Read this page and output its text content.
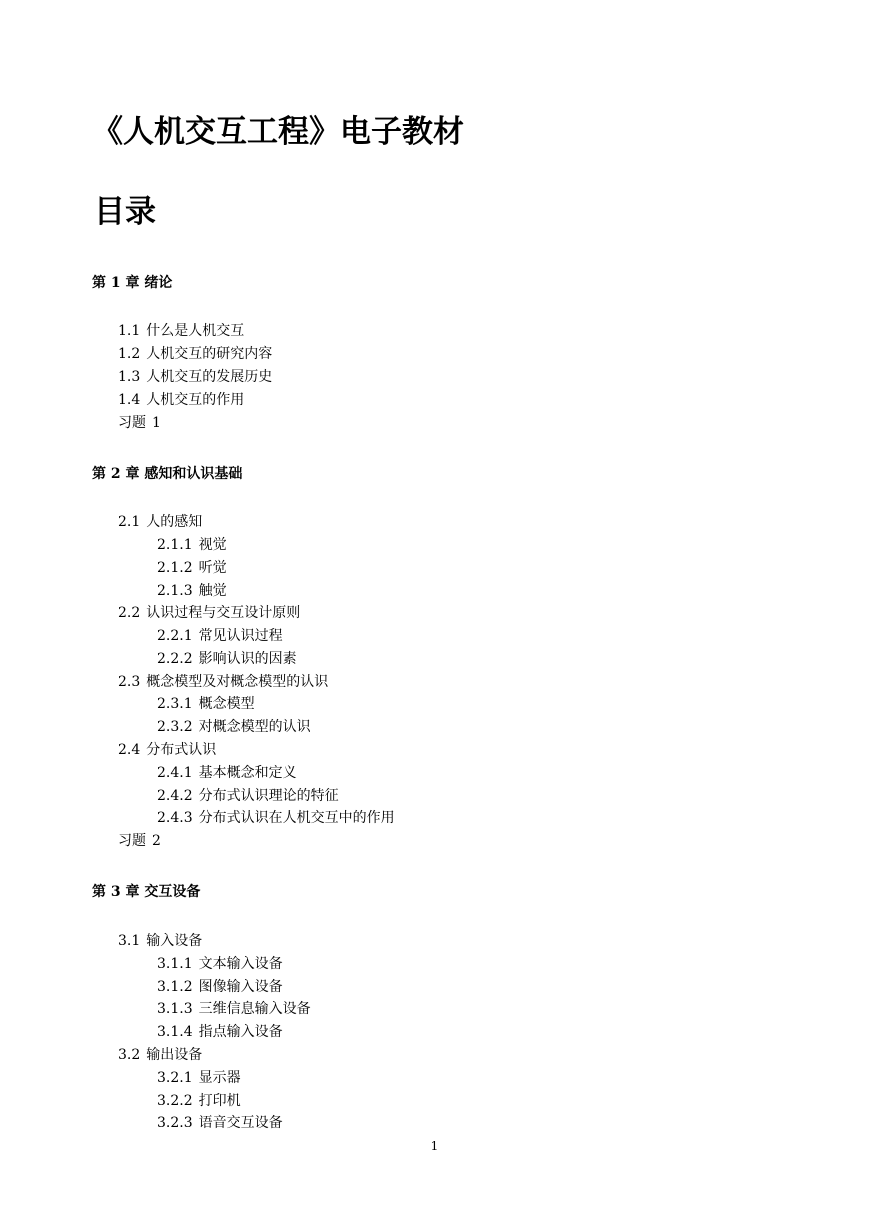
《人机交互工程》电子教材
目录
第 1 章 绪论
1.1 什么是人机交互
1.2 人机交互的研究内容
1.3 人机交互的发展历史
1.4 人机交互的作用
习题 1
第 2 章 感知和认识基础
2.1 人的感知
2.1.1 视觉
2.1.2 听觉
2.1.3 触觉
2.2 认识过程与交互设计原则
2.2.1 常见认识过程
2.2.2 影响认识的因素
2.3 概念模型及对概念模型的认识
2.3.1 概念模型
2.3.2 对概念模型的认识
2.4 分布式认识
2.4.1 基本概念和定义
2.4.2 分布式认识理论的特征
2.4.3 分布式认识在人机交互中的作用
习题 2
第 3 章 交互设备
3.1 输入设备
3.1.1 文本输入设备
3.1.2 图像输入设备
3.1.3 三维信息输入设备
3.1.4 指点输入设备
3.2 输出设备
3.2.1 显示器
3.2.2 打印机
3.2.3 语音交互设备
1
